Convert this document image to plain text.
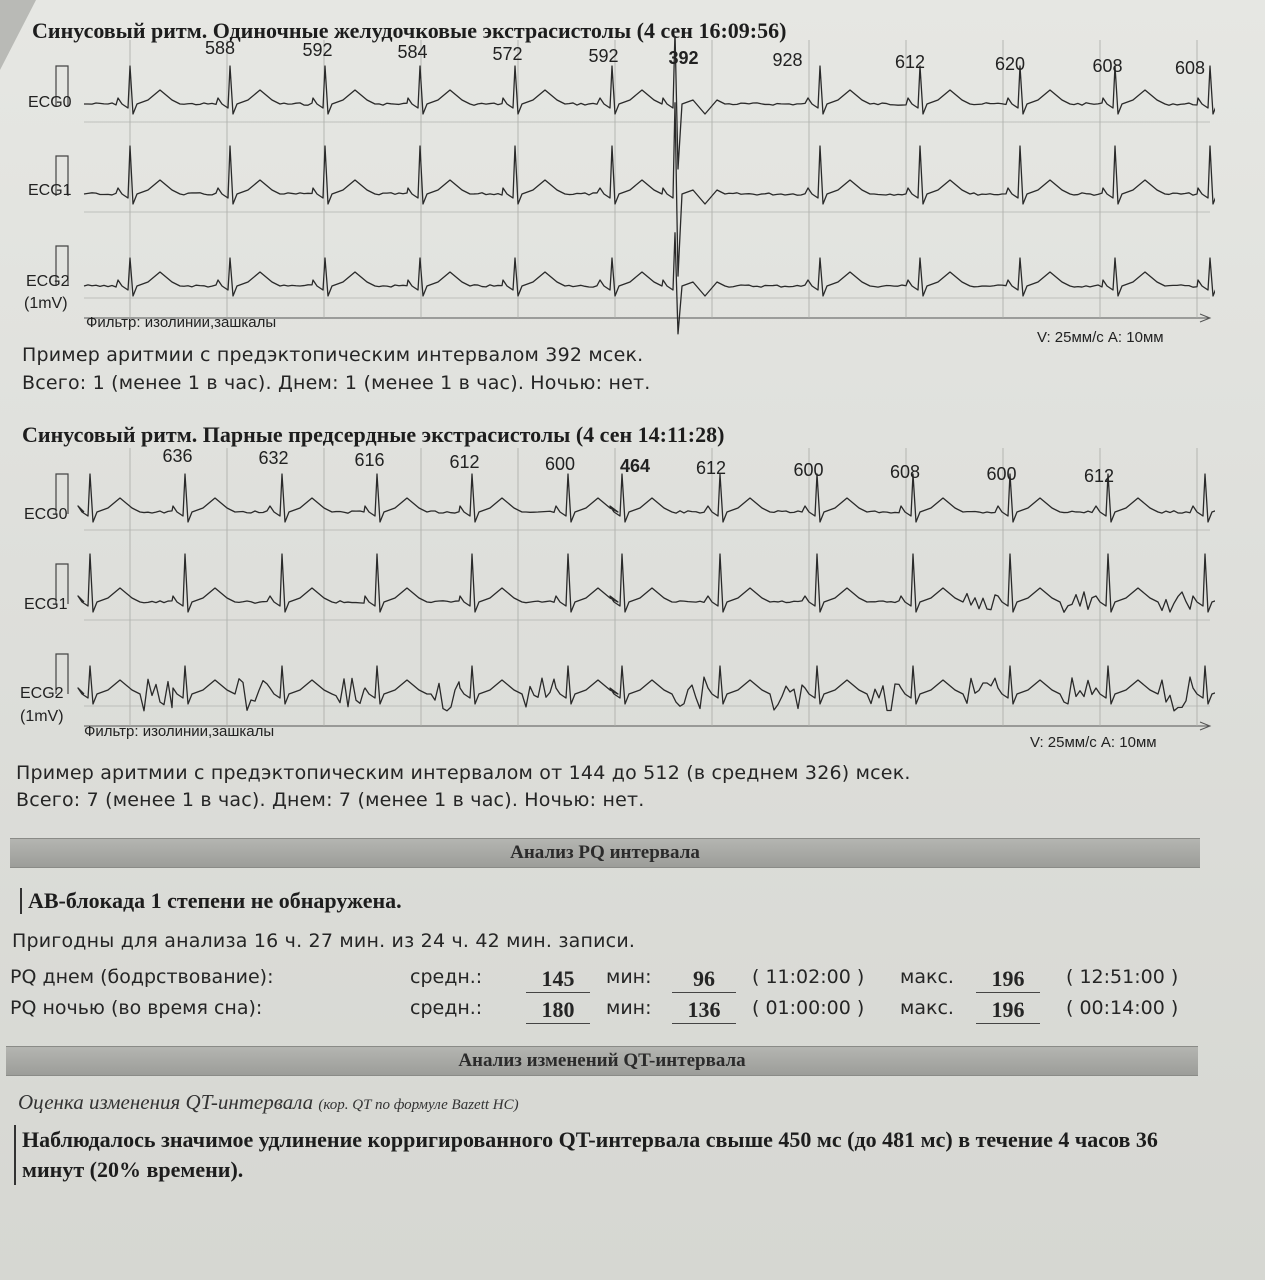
Синусовый ритм. Одиночные желудочковые экстрасистолы (4 сен 16:09:56)
ECG0
ECG1
ECG2
(1mV)
Фильтр: изолинии,зашкалы
V: 25мм/с A: 10мм
588	592	584	572	592	392	928	612	620	608	608
Пример аритмии с предэктопическим интервалом 392 мсек.
Всего: 1 (менее 1 в час). Днем: 1 (менее 1 в час). Ночью: нет.
Синусовый ритм. Парные предсердные экстрасистолы (4 сен 14:11:28)
ECG0
ECG1
ECG2
(1mV)
Фильтр: изолинии,зашкалы
V: 25мм/с A: 10мм
636	632	616	612	600 464	612	600	608	600	612
Пример аритмии с предэктопическим интервалом от 144 до 512 (в среднем 326) мсек.
Всего: 7 (менее 1 в час). Днем: 7 (менее 1 в час). Ночью: нет.
Анализ PQ интервала
АВ-блокада 1 степени не обнаружена.
Пригодны для анализа 16 ч. 27 мин. из 24 ч. 42 мин. записи.
PQ днем (бодрствование):	средн.:	145	мин:	96	( 11:02:00 ) макс.	196	( 12:51:00 )
PQ ночью (во время сна):	средн.:	180	мин:	136	( 01:00:00 ) макс.	196	( 00:14:00 )
Анализ изменений QT-интервала
Оценка изменения QT-интервала (кор. QT по формуле Bazett HC)
Наблюдалось значимое удлинение корригированного QT-интервала свыше 450 мс (до 481 мс) в течение 4 часов 36 минут (20% времени).
